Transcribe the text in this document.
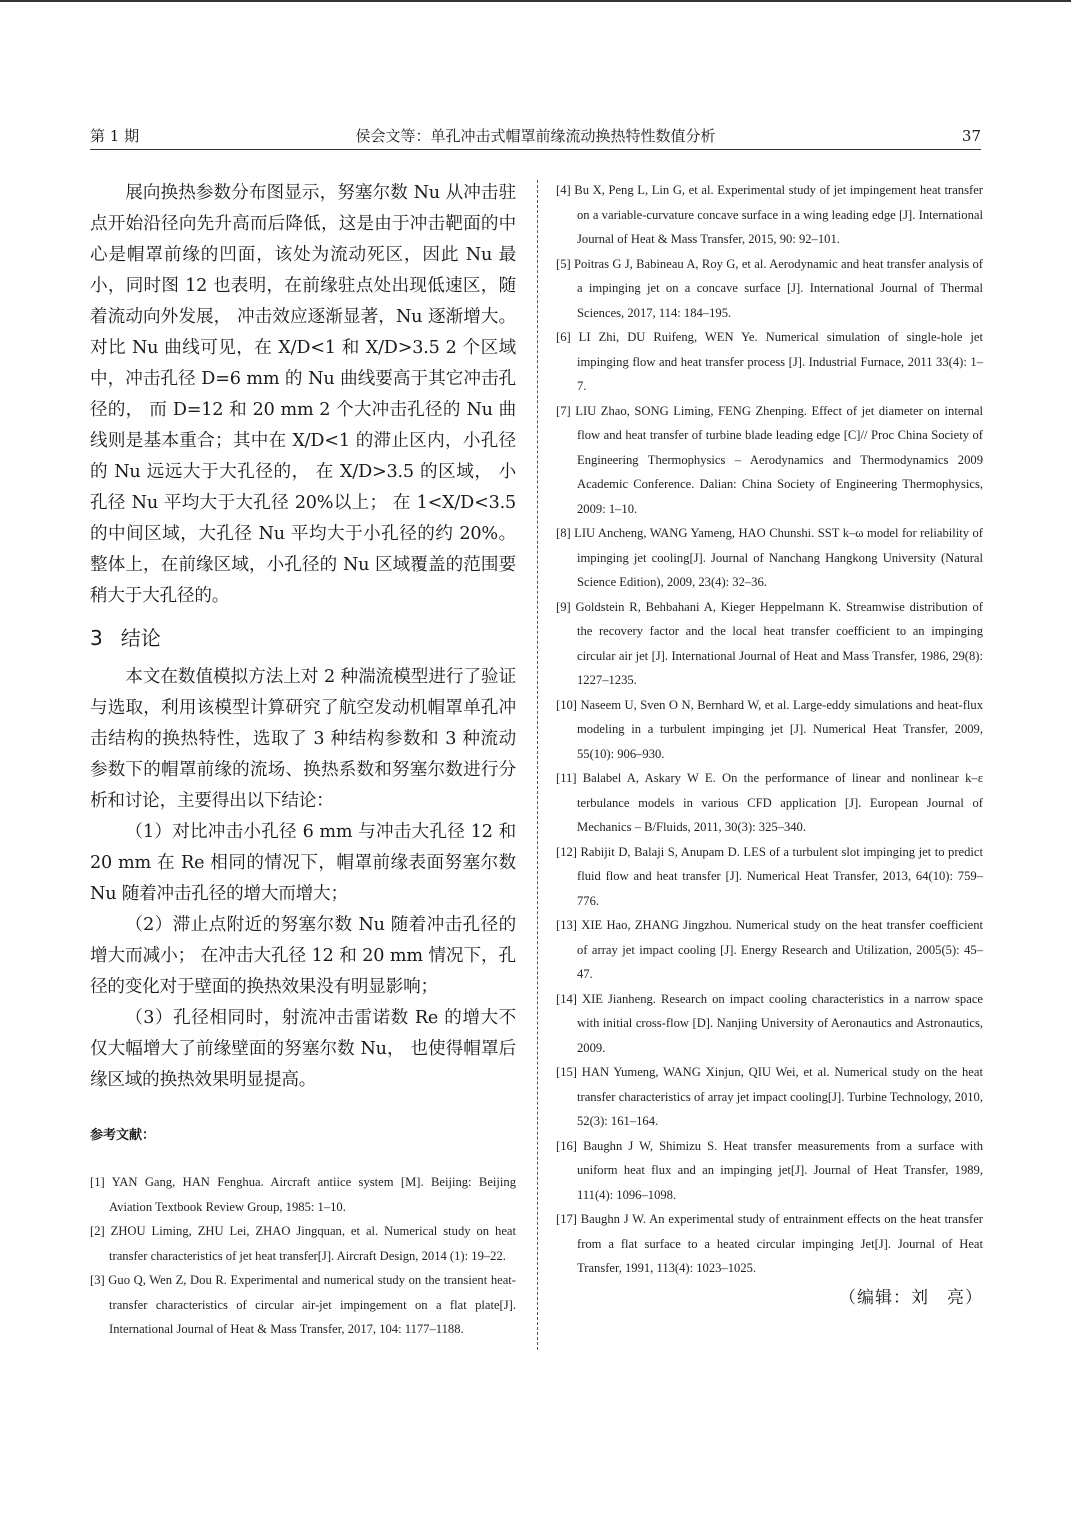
第 1 期	侯会文等：单孔冲击式帽罩前缘流动换热特性数值分析	37

展向换热参数分布图显示，努塞尔数 Nu 从冲击驻点开始沿径向先升高而后降低，这是由于冲击靶面的中心是帽罩前缘的凹面，该处为流动死区，因此 Nu 最小，同时图 12 也表明，在前缘驻点处出现低速区，随着流动向外发展， 冲击效应逐渐显著，Nu 逐渐增大。对比 Nu 曲线可见，在 X/D<1 和 X/D>3.5 2 个区域中，冲击孔径 D=6 mm 的 Nu 曲线要高于其它冲击孔径的， 而 D=12 和 20 mm 2 个大冲击孔径的 Nu 曲线则是基本重合；其中在 X/D<1 的滞止区内，小孔径的 Nu 远远大于大孔径的， 在 X/D>3.5 的区域， 小孔径 Nu 平均大于大孔径 20%以上； 在 1<X/D<3.5 的中间区域，大孔径 Nu 平均大于小孔径的约 20%。整体上，在前缘区域，小孔径的 Nu 区域覆盖的范围要稍大于大孔径的。

3 结论

本文在数值模拟方法上对 2 种湍流模型进行了验证与选取，利用该模型计算研究了航空发动机帽罩单孔冲击结构的换热特性，选取了 3 种结构参数和 3 种流动参数下的帽罩前缘的流场、换热系数和努塞尔数进行分析和讨论，主要得出以下结论：

（1）对比冲击小孔径 6 mm 与冲击大孔径 12 和 20 mm 在 Re 相同的情况下，帽罩前缘表面努塞尔数 Nu 随着冲击孔径的增大而增大；

（2）滞止点附近的努塞尔数 Nu 随着冲击孔径的增大而减小； 在冲击大孔径 12 和 20 mm 情况下，孔径的变化对于壁面的换热效果没有明显影响；

（3）孔径相同时，射流冲击雷诺数 Re 的增大不仅大幅增大了前缘壁面的努塞尔数 Nu， 也使得帽罩后缘区域的换热效果明显提高。

参考文献：

[1] YAN Gang, HAN Fenghua. Aircraft antiice system [M]. Beijing: Beijing Aviation Textbook Review Group, 1985: 1–10.

[2] ZHOU Liming, ZHU Lei, ZHAO Jingquan, et al. Numerical study on heat transfer characteristics of jet heat transfer[J]. Aircraft Design, 2014 (1): 19–22.

[3] Guo Q, Wen Z, Dou R. Experimental and numerical study on the transient heat-transfer characteristics of circular air-jet impingement on a flat plate[J]. International Journal of Heat & Mass Transfer, 2017, 104: 1177–1188.

[4] Bu X, Peng L, Lin G, et al. Experimental study of jet impingement heat transfer on a variable-curvature concave surface in a wing leading edge [J]. International Journal of Heat & Mass Transfer, 2015, 90: 92–101.

[5] Poitras G J, Babineau A, Roy G, et al. Aerodynamic and heat transfer analysis of a impinging jet on a concave surface [J]. International Journal of Thermal Sciences, 2017, 114: 184–195.

[6] LI Zhi, DU Ruifeng, WEN Ye. Numerical simulation of single-hole jet impinging flow and heat transfer process [J]. Industrial Furnace, 2011 33(4): 1–7.

[7] LIU Zhao, SONG Liming, FENG Zhenping. Effect of jet diameter on internal flow and heat transfer of turbine blade leading edge [C]// Proc China Society of Engineering Thermophysics – Aerodynamics and Thermodynamics 2009 Academic Conference. Dalian: China Society of Engineering Thermophysics, 2009: 1–10.

[8] LIU Ancheng, WANG Yameng, HAO Chunshi. SST k–ω model for reliability of impinging jet cooling[J]. Journal of Nanchang Hangkong University (Natural Science Edition), 2009, 23(4): 32–36.

[9] Goldstein R, Behbahani A, Kieger Heppelmann K. Streamwise distribution of the recovery factor and the local heat transfer coefficient to an impinging circular air jet [J]. International Journal of Heat and Mass Transfer, 1986, 29(8): 1227–1235.

[10] Naseem U, Sven O N, Bernhard W, et al. Large-eddy simulations and heat-flux modeling in a turbulent impinging jet [J]. Numerical Heat Transfer, 2009, 55(10): 906–930.

[11] Balabel A, Askary W E. On the performance of linear and nonlinear k–ε terbulance models in various CFD application [J]. European Journal of Mechanics – B/Fluids, 2011, 30(3): 325–340.

[12] Rabijit D, Balaji S, Anupam D. LES of a turbulent slot impinging jet to predict fluid flow and heat transfer [J]. Numerical Heat Transfer, 2013, 64(10): 759–776.

[13] XIE Hao, ZHANG Jingzhou. Numerical study on the heat transfer coefficient of array jet impact cooling [J]. Energy Research and Utilization, 2005(5): 45–47.

[14] XIE Jianheng. Research on impact cooling characteristics in a narrow space with initial cross-flow [D]. Nanjing University of Aeronautics and Astronautics, 2009.

[15] HAN Yumeng, WANG Xinjun, QIU Wei, et al. Numerical study on the heat transfer characteristics of array jet impact cooling[J]. Turbine Technology, 2010, 52(3): 161–164.

[16] Baughn J W, Shimizu S. Heat transfer measurements from a surface with uniform heat flux and an impinging jet[J]. Journal of Heat Transfer, 1989, 111(4): 1096–1098.

[17] Baughn J W. An experimental study of entrainment effects on the heat transfer from a flat surface to a heated circular impinging Jet[J]. Journal of Heat Transfer, 1991, 113(4): 1023–1025.

（编辑：刘　亮）
